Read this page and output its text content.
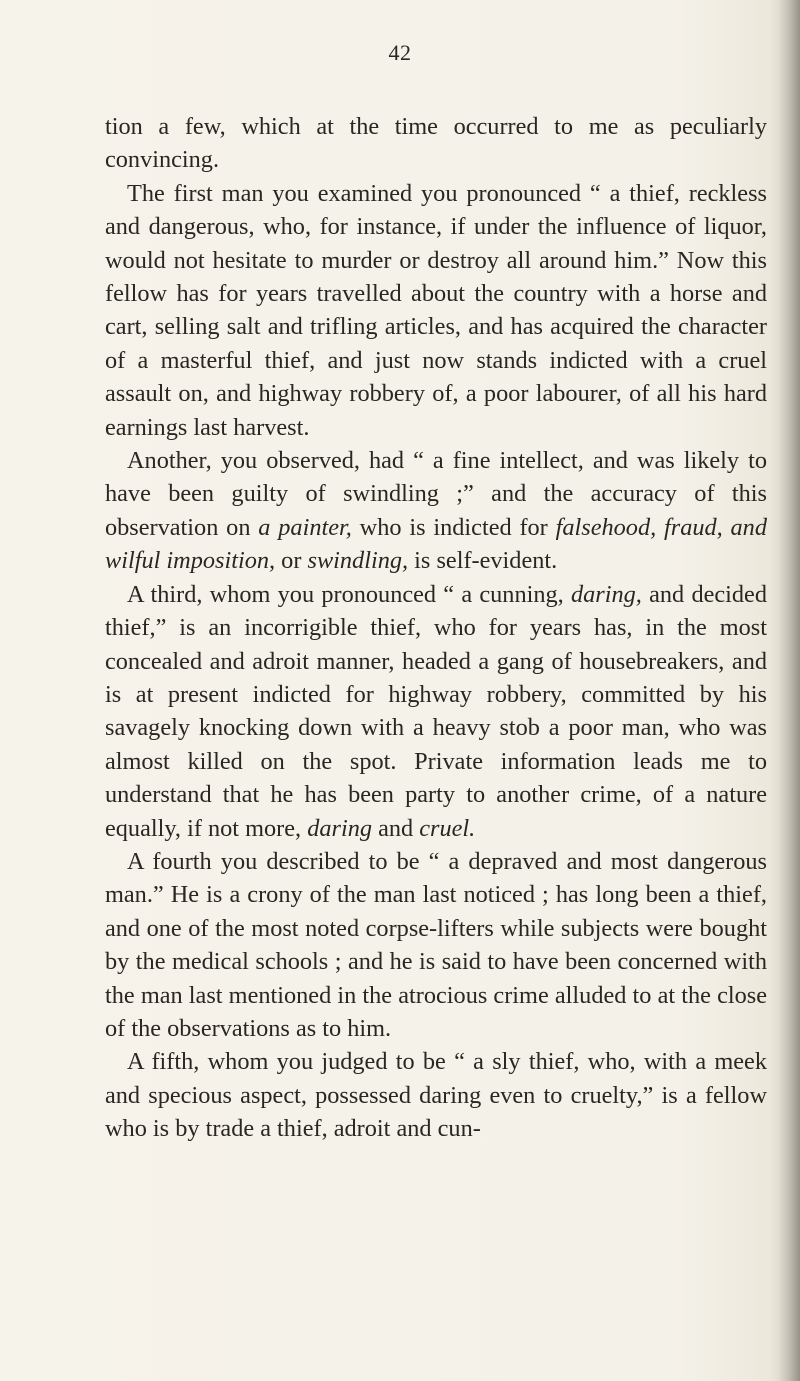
42

tion a few, which at the time occurred to me as peculiarly convincing.

The first man you examined you pronounced “ a thief, reckless and dangerous, who, for instance, if under the influence of liquor, would not hesitate to murder or destroy all around him.” Now this fellow has for years travelled about the country with a horse and cart, selling salt and trifling articles, and has acquired the character of a masterful thief, and just now stands indicted with a cruel assault on, and highway robbery of, a poor labourer, of all his hard earnings last harvest.

Another, you observed, had “ a fine intellect, and was likely to have been guilty of swindling ;” and the accuracy of this observation on a painter, who is indicted for falsehood, fraud, and wilful imposition, or swindling, is self-evident.

A third, whom you pronounced “ a cunning, daring, and decided thief,” is an incorrigible thief, who for years has, in the most concealed and adroit manner, headed a gang of housebreakers, and is at present indicted for highway robbery, committed by his savagely knocking down with a heavy stob a poor man, who was almost killed on the spot. Private information leads me to understand that he has been party to another crime, of a nature equally, if not more, daring and cruel.

A fourth you described to be “ a depraved and most dangerous man.” He is a crony of the man last noticed ; has long been a thief, and one of the most noted corpse-lifters while subjects were bought by the medical schools ; and he is said to have been concerned with the man last mentioned in the atrocious crime alluded to at the close of the observations as to him.

A fifth, whom you judged to be “ a sly thief, who, with a meek and specious aspect, possessed daring even to cruelty,” is a fellow who is by trade a thief, adroit and cun-
